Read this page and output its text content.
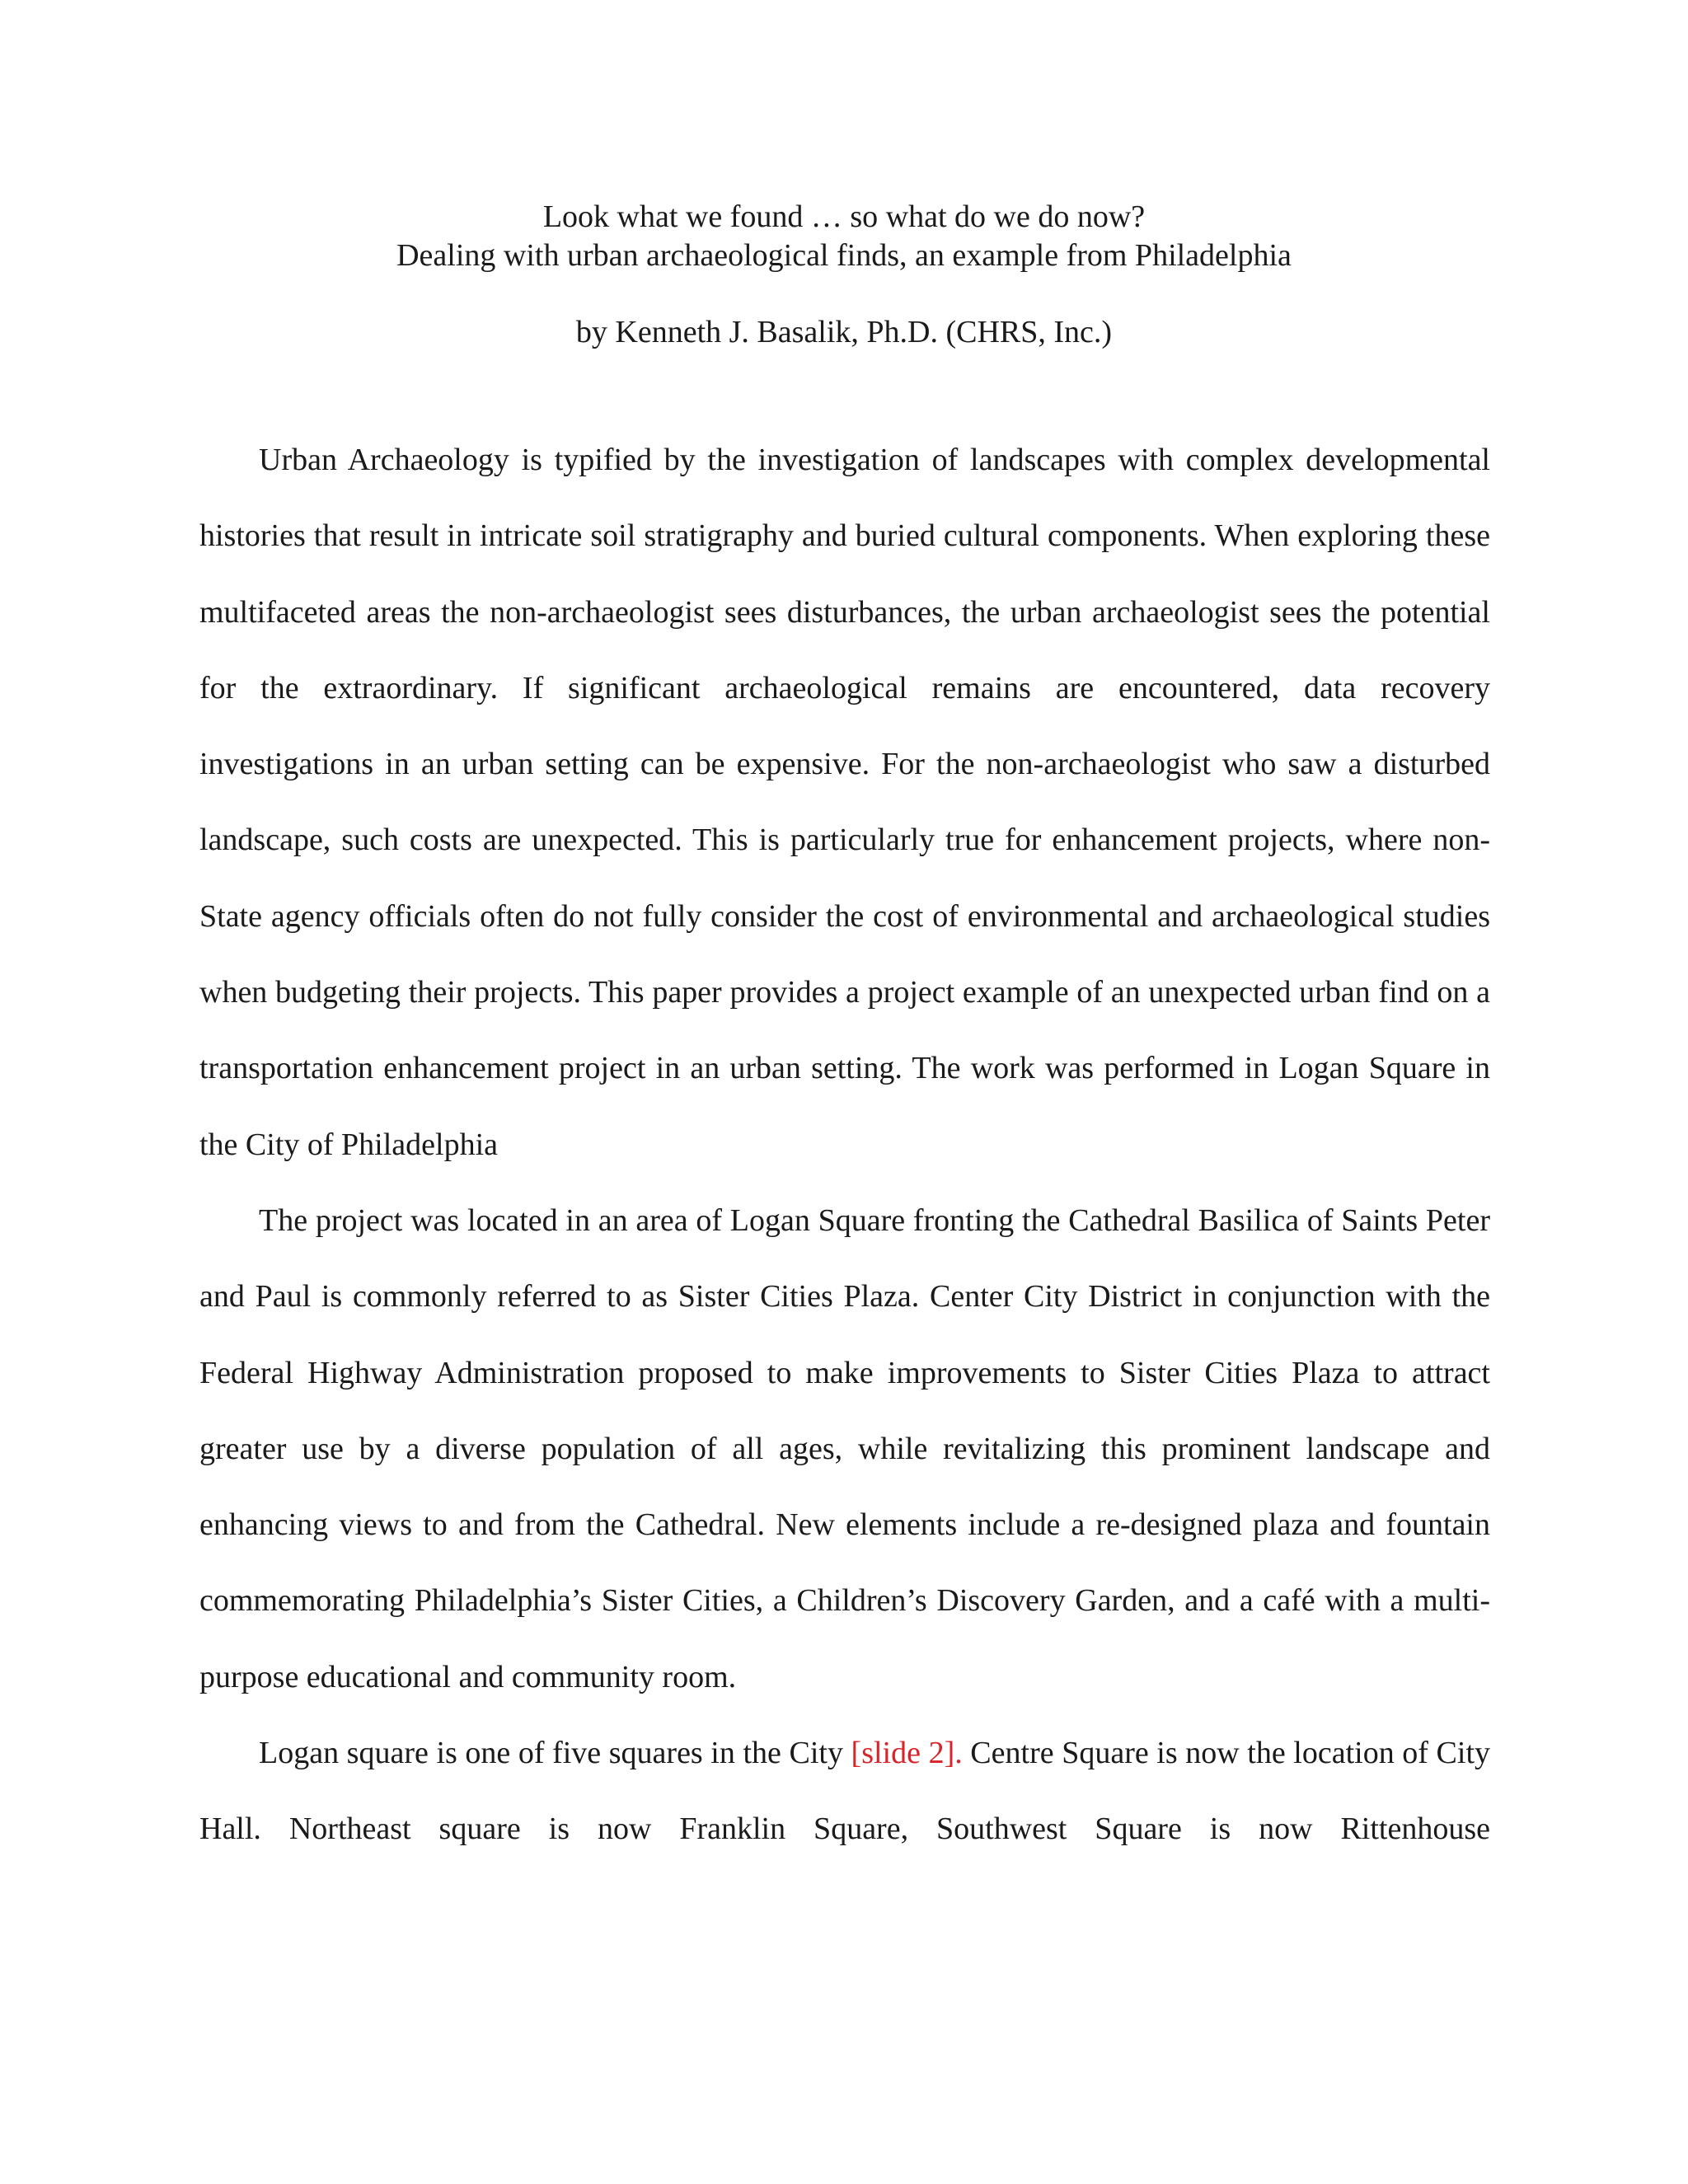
Look what we found … so what do we do now?
Dealing with urban archaeological finds, an example from Philadelphia
by Kenneth J. Basalik, Ph.D. (CHRS, Inc.)

Urban Archaeology is typified by the investigation of landscapes with complex developmental histories that result in intricate soil stratigraphy and buried cultural components. When exploring these multifaceted areas the non-archaeologist sees disturbances, the urban archaeologist sees the potential for the extraordinary. If significant archaeological remains are encountered, data recovery investigations in an urban setting can be expensive. For the non-archaeologist who saw a disturbed landscape, such costs are unexpected. This is particularly true for enhancement projects, where non-State agency officials often do not fully consider the cost of environmental and archaeological studies when budgeting their projects. This paper provides a project example of an unexpected urban find on a transportation enhancement project in an urban setting. The work was performed in Logan Square in the City of Philadelphia

The project was located in an area of Logan Square fronting the Cathedral Basilica of Saints Peter and Paul is commonly referred to as Sister Cities Plaza. Center City District in conjunction with the Federal Highway Administration proposed to make improvements to Sister Cities Plaza to attract greater use by a diverse population of all ages, while revitalizing this prominent landscape and enhancing views to and from the Cathedral. New elements include a re-designed plaza and fountain commemorating Philadelphia’s Sister Cities, a Children’s Discovery Garden, and a café with a multi-purpose educational and community room.

Logan square is one of five squares in the City [slide 2]. Centre Square is now the location of City Hall. Northeast square is now Franklin Square, Southwest Square is now Rittenhouse
